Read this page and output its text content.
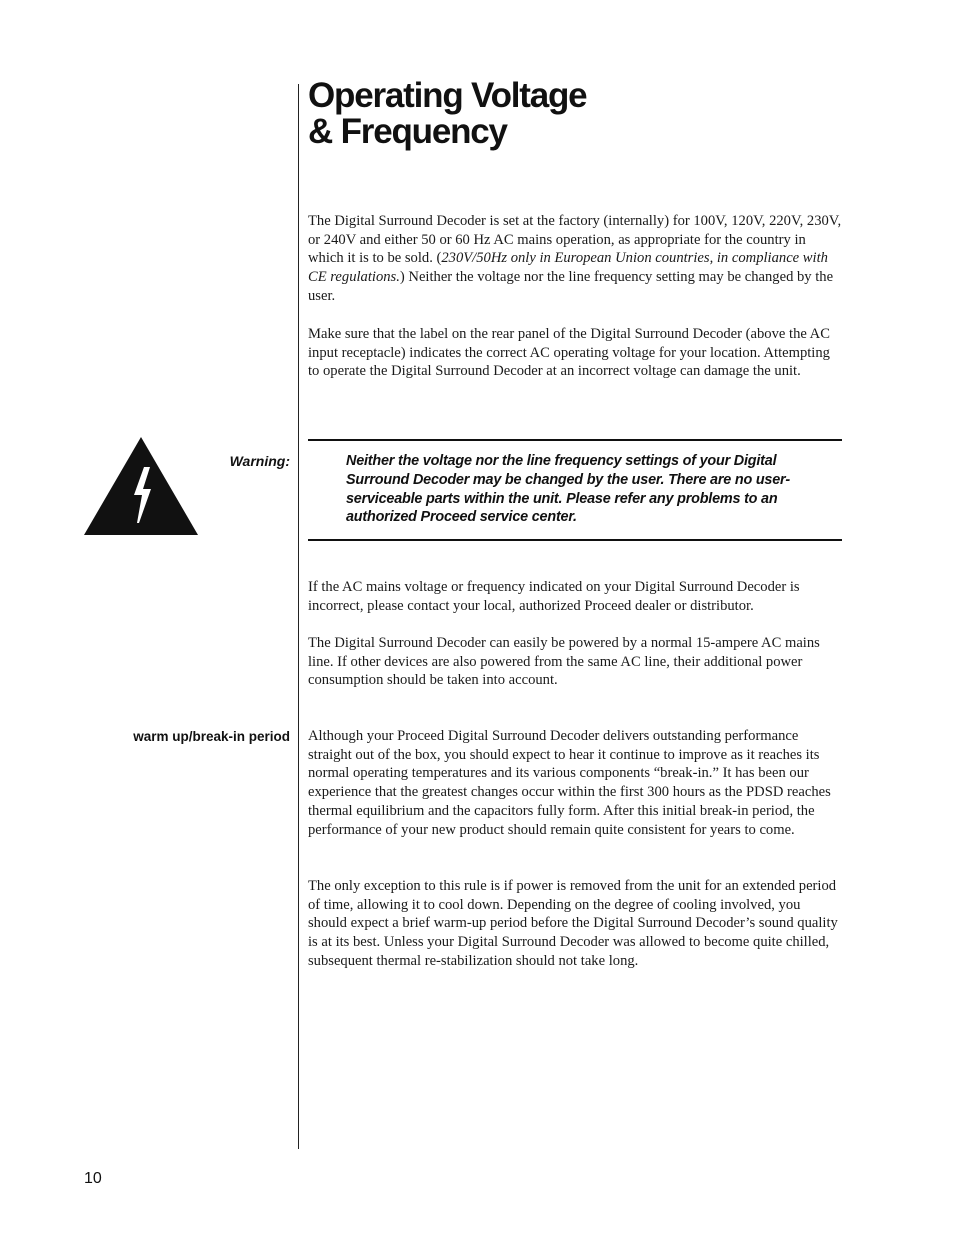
Operating Voltage
& Frequency

The Digital Surround Decoder is set at the factory (internally) for 100V, 120V, 220V, 230V, or 240V and either 50 or 60 Hz AC mains operation, as appropriate for the country in which it is to be sold. (230V/50Hz only in European Union countries, in compliance with CE regulations.) Neither the voltage nor the line frequency setting may be changed by the user.

Make sure that the label on the rear panel of the Digital Surround Decoder (above the AC input receptacle) indicates the correct AC operating voltage for your location. Attempting to operate the Digital Surround Decoder at an incorrect voltage can damage the unit.

Warning:	Neither the voltage nor the line frequency settings of your Digital Surround Decoder may be changed by the user. There are no user-serviceable parts within the unit. Please refer any problems to an authorized Proceed service center.

If the AC mains voltage or frequency indicated on your Digital Surround Decoder is incorrect, please contact your local, authorized Proceed dealer or distributor.

The Digital Surround Decoder can easily be powered by a normal 15-ampere AC mains line. If other devices are also powered from the same AC line, their additional power consumption should be taken into account.

warm up/break-in period Although your Proceed Digital Surround Decoder delivers outstanding performance straight out of the box, you should expect to hear it continue to improve as it reaches its normal operating temperatures and its various components “break-in.” It has been our experience that the greatest changes occur within the first 300 hours as the PDSD reaches thermal equilibrium and the capacitors fully form. After this initial break-in period, the performance of your new product should remain quite consistent for years to come.

The only exception to this rule is if power is removed from the unit for an extended period of time, allowing it to cool down. Depending on the degree of cooling involved, you should expect a brief warm-up period before the Digital Surround Decoder’s sound quality is at its best. Unless your Digital Surround Decoder was allowed to become quite chilled, subsequent thermal re-stabilization should not take long.

10
